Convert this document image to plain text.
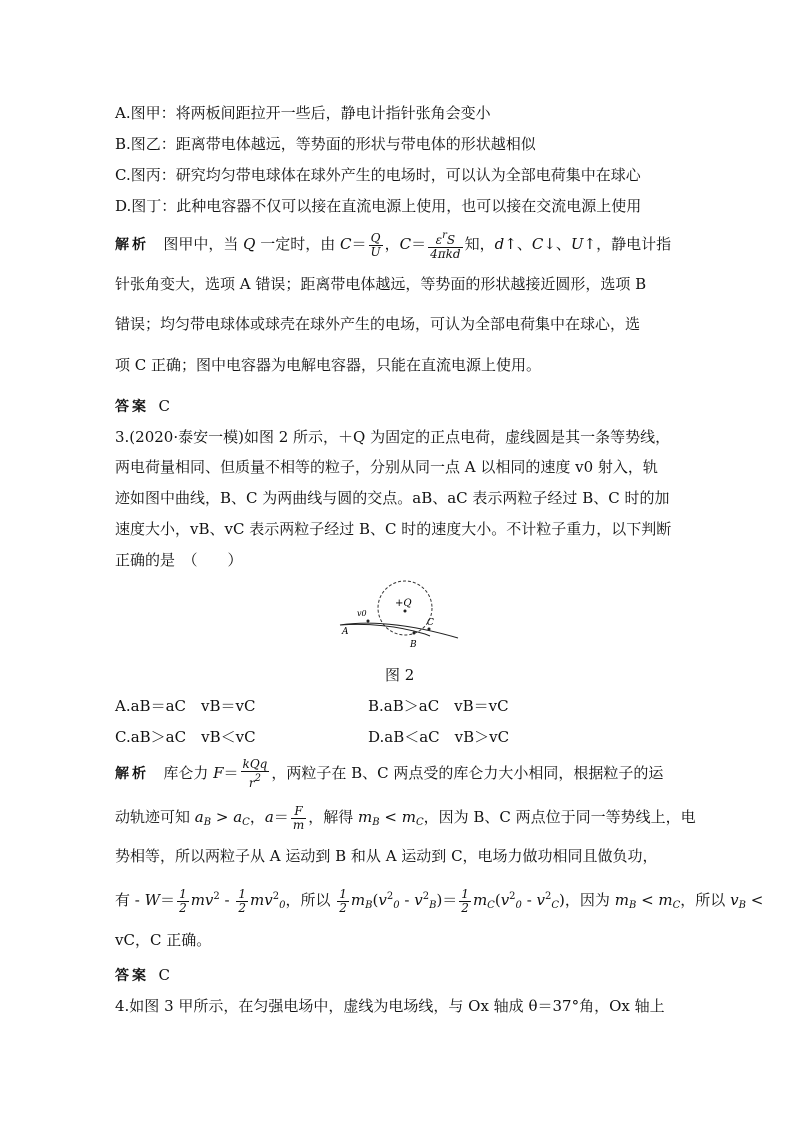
A.图甲：将两板间距拉开一些后，静电计指针张角会变小
B.图乙：距离带电体越远，等势面的形状与带电体的形状越相似
C.图丙：研究均匀带电球体在球外产生的电场时，可以认为全部电荷集中在球心
D.图丁：此种电容器不仅可以接在直流电源上使用，也可以接在交流电源上使用
解析 图甲中，当 Q 一定时，由 $C= \frac{Q}{U}$ ，$C= \frac{\varepsilon^rS}{\text{4πkd}}$ 知，d↑、C↓、U↑，静电计指
针张角变大，选项 A 错误；距离带电体越远，等势面的形状越接近圆形，选项 B
错误；均匀带电球体或球壳在球外产生的电场，可认为全部电荷集中在球心，选
项 C 正确；图中电容器为电解电容器，只能在直流电源上使用。
答案 C
3.(2020·泰安一模)如图 2 所示，＋Q 为固定的正点电荷，虚线圆是其一条等势线，
两电荷量相同、但质量不相等的粒子，分别从同一点 A 以相同的速度 v0 射入，轨
迹如图中曲线，B、C 为两曲线与圆的交点。aB、aC 表示两粒子经过 B、C 时的加
速度大小，vB、vC 表示两粒子经过 B、C 时的速度大小。不计粒子重力，以下判断
正确的是　（　　）
+Q
v0
A
B
C
图 2
A.aB＝aC　vB＝vC	B.aB＞aC　vB＝vC
C.aB＞aC　vB＜vC	D.aB＜aC　vB＞vC
解析 库仑力 $F= \frac{\text{kQq}}{r^2}$ ，两粒子在 B、C 两点受的库仑力大小相同，根据粒子的运
动轨迹可知 $a_B > a_C$，$a= \frac{F}{m}$ ，解得 $m_B < m_C$，因为 B、C 两点位于同一等势线上，电
势相等，所以两粒子从 A 运动到 B 和从 A 运动到 C，电场力做功相同且做负功，
有 - $W= \frac{1}{2} mv^2 - \frac{1}{2} mv^2_0$，所以 $\frac{1}{2} m_B(v^2_0 - v^2_B)= \frac{1}{2} m_C(v^2_0 - v^2_C)$，因为 $m_B < m_C$，所以 $v_B$ <
vC，C 正确。
答案 C
4.如图 3 甲所示，在匀强电场中，虚线为电场线，与 Ox 轴成 θ＝37°角，Ox 轴上
